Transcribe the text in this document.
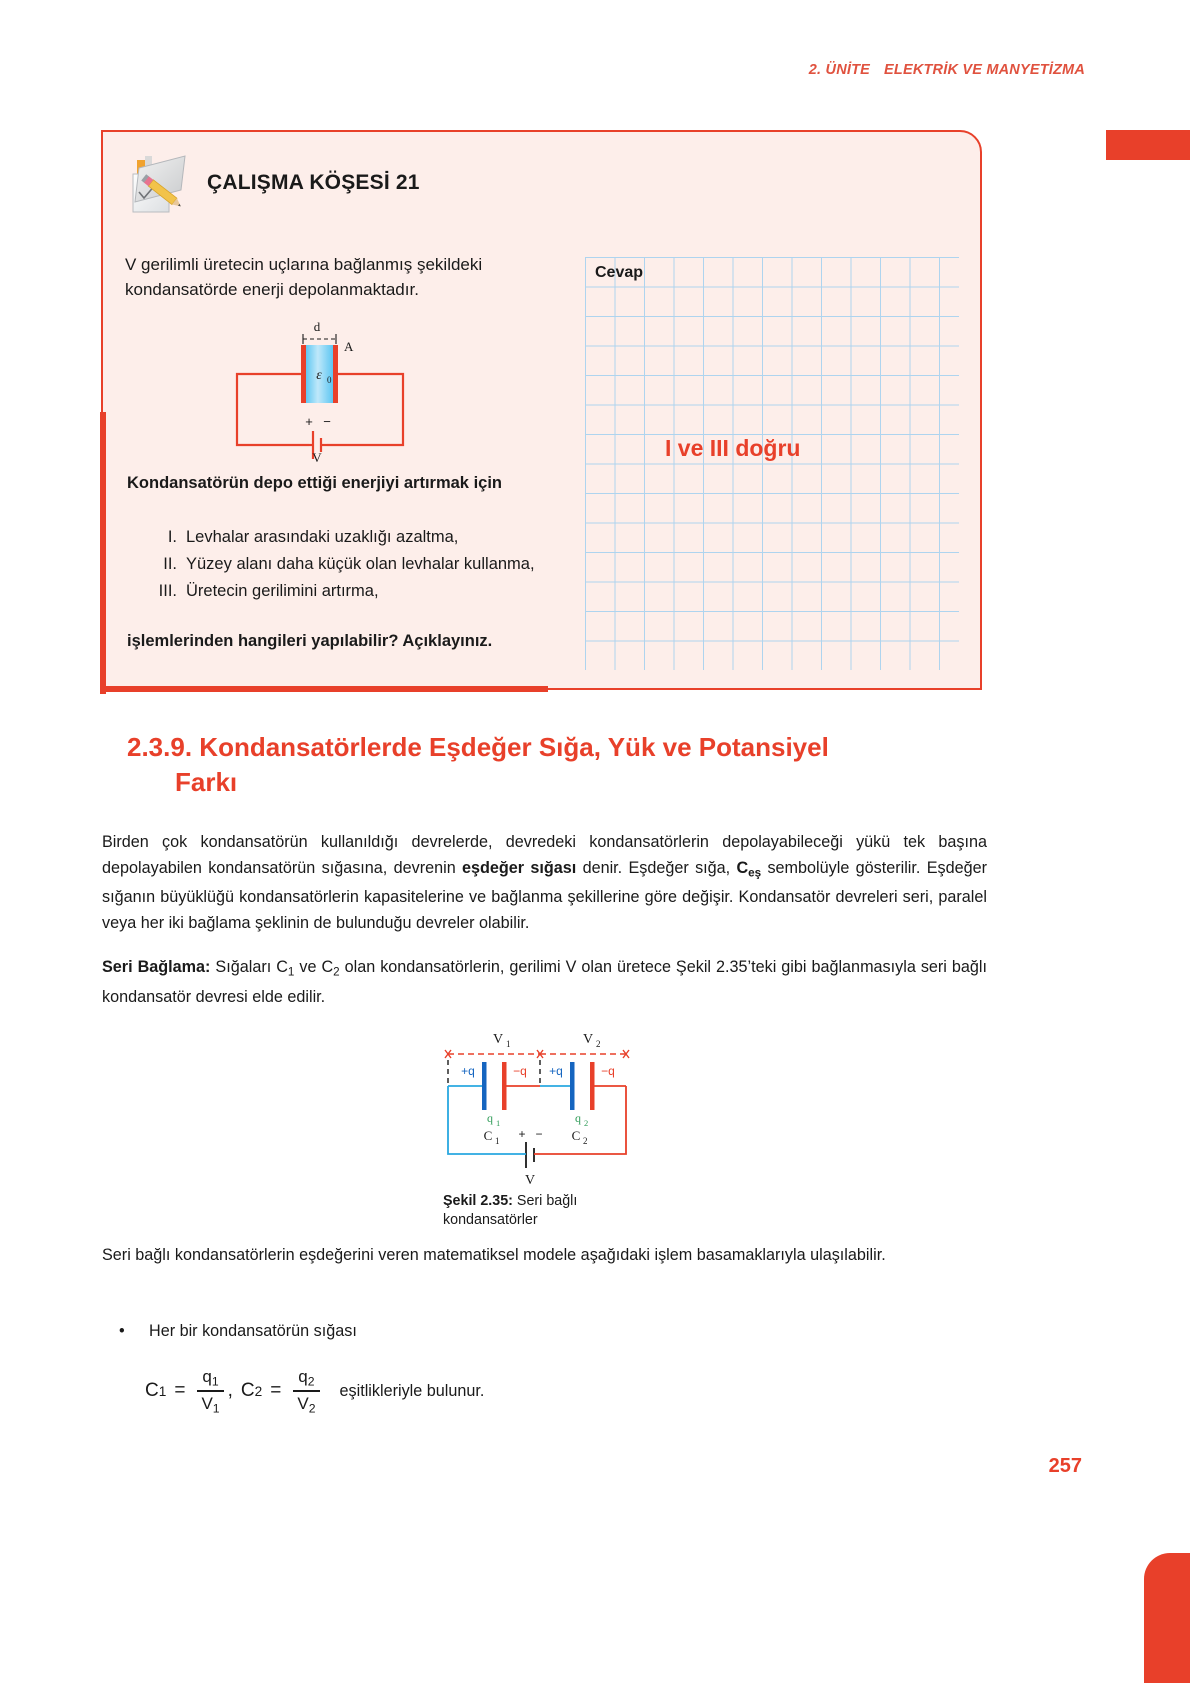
2. ÜNİTE ELEKTRİK VE MANYETİZMA
ÇALIŞMA KÖŞESİ 21
V gerilimli üretecin uçlarına bağlanmış şekildeki kondansatörde enerji depolanmaktadır.
d
ε 0
A
+ −
V
Kondansatörün depo ettiği enerjiyi artırmak için
I. Levhalar arasındaki uzaklığı azaltma,
II. Yüzey alanı daha küçük olan levhalar kullanma,
III. Üretecin gerilimini artırma,
işlemlerinden hangileri yapılabilir? Açıklayınız.
Cevap
I ve III doğru
2.3.9. Kondansatörlerde Eşdeğer Sığa, Yük ve Potansiyel
Farkı
Birden çok kondansatörün kullanıldığı devrelerde, devredeki kondansatörlerin depolayabileceği yükü tek başına depolayabilen kondansatörün sığasına, devrenin eşdeğer sığası denir. Eşdeğer sığa, $C_{eş}$ sembolüyle gösterilir. Eşdeğer sığanın büyüklüğü kondansatörlerin kapasitelerine ve bağlanma şekillerine göre değişir. Kondansatör devreleri seri, paralel veya her iki bağlama şeklinin de bulunduğu devreler olabilir.
Seri Bağlama: Sığaları $C_1$ ve $C_2$ olan kondansatörlerin, gerilimi V olan üretece Şekil 2.35’teki gibi bağlanmasıyla seri bağlı kondansatör devresi elde edilir.
V 1	V 2
+q	−q +q	−q
q 1
C 1
q 2
C 2
+ −
V
Şekil 2.35: Seri bağlı kondansatörler
Seri bağlı kondansatörlerin eşdeğerini veren matematiksel modele aşağıdaki işlem basamaklarıyla ulaşılabilir.
• Her bir kondansatörün sığası
C $1 = \frac{q_1}{V_1}$ , C $2 = \frac{q_2}{V_2}$ eşitlikleriyle bulunur.
257
